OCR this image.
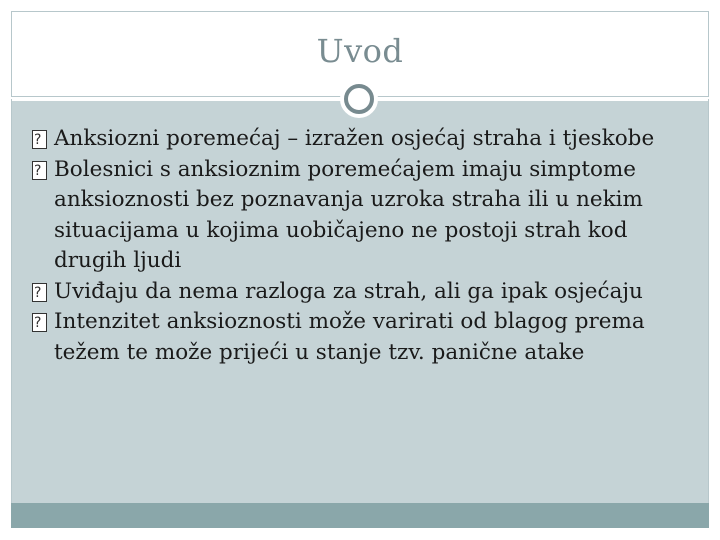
Uvod
?
Anksiozni poremećaj – izražen osjećaj straha i tjeskobe
?
Bolesnici s anksioznim poremećajem imaju simptome anksioznosti bez poznavanja uzroka straha ili u nekim situacijama u kojima uobičajeno ne postoji strah kod drugih ljudi
?
Uviđaju da nema razloga za strah, ali ga ipak osjećaju
?
Intenzitet anksioznosti može varirati od blagog prema težem te može prijeći u stanje tzv. panične atake
